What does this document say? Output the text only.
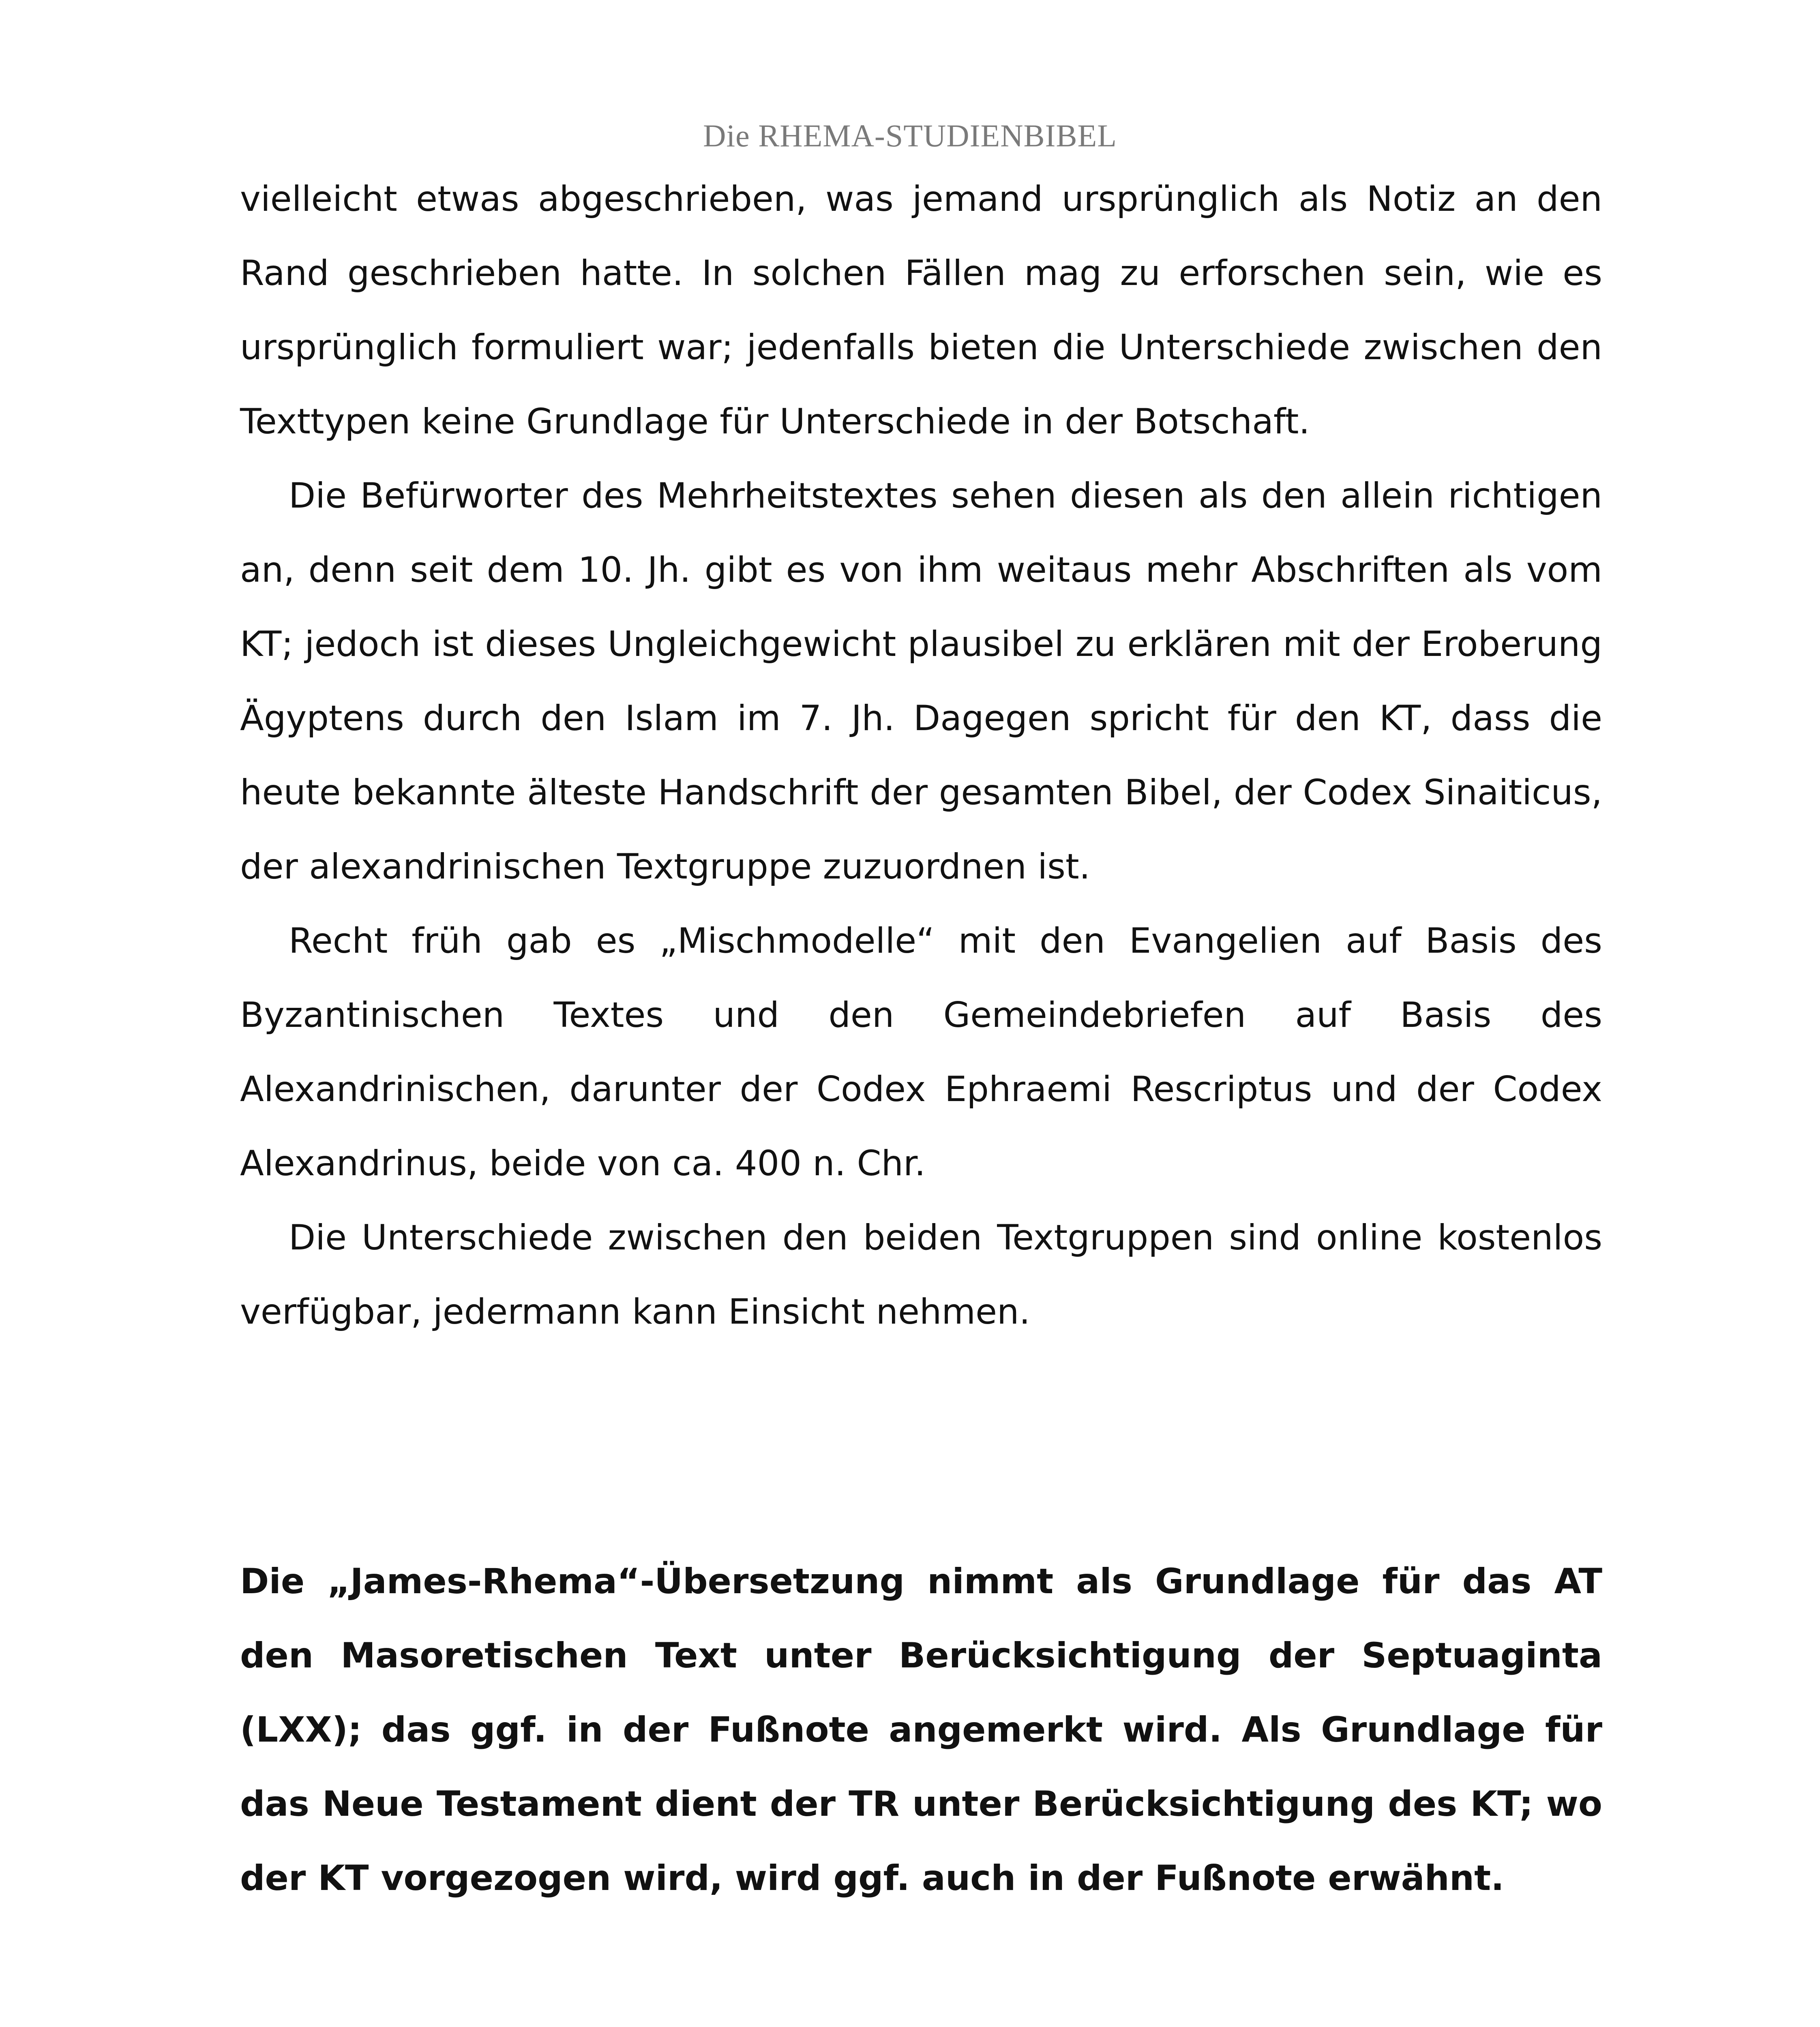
Die RHEMA-STUDIENBIBEL

vielleicht etwas abgeschrieben, was jemand ursprünglich als Notiz an den Rand geschrieben hatte. In solchen Fällen mag zu erforschen sein, wie es ursprünglich formuliert war; jedenfalls bieten die Unterschiede zwischen den Texttypen keine Grundlage für Unterschiede in der Botschaft.

Die Befürworter des Mehrheitstextes sehen diesen als den allein richtigen an, denn seit dem 10. Jh. gibt es von ihm weitaus mehr Abschriften als vom KT; jedoch ist dieses Ungleichgewicht plausibel zu erklären mit der Eroberung Ägyptens durch den Islam im 7. Jh. Dagegen spricht für den KT, dass die heute bekannte älteste Handschrift der gesamten Bibel, der Codex Sinaiticus, der alexandrinischen Textgruppe zuzuordnen ist.

Recht früh gab es „Mischmodelle“ mit den Evangelien auf Basis des Byzantinischen Textes und den Gemeindebriefen auf Basis des Alexandrinischen, darunter der Codex Ephraemi Rescriptus und der Codex Alexandrinus, beide von ca. 400 n. Chr.

Die Unterschiede zwischen den beiden Textgruppen sind online kostenlos verfügbar, jedermann kann Einsicht nehmen.

Die „James-Rhema“-Übersetzung nimmt als Grundlage für das AT den Masoretischen Text unter Berücksichtigung der Septuaginta (LXX); das ggf. in der Fußnote angemerkt wird. Als Grundlage für das Neue Testament dient der TR unter Berücksichtigung des KT; wo der KT vorgezogen wird, wird ggf. auch in der Fußnote erwähnt.
